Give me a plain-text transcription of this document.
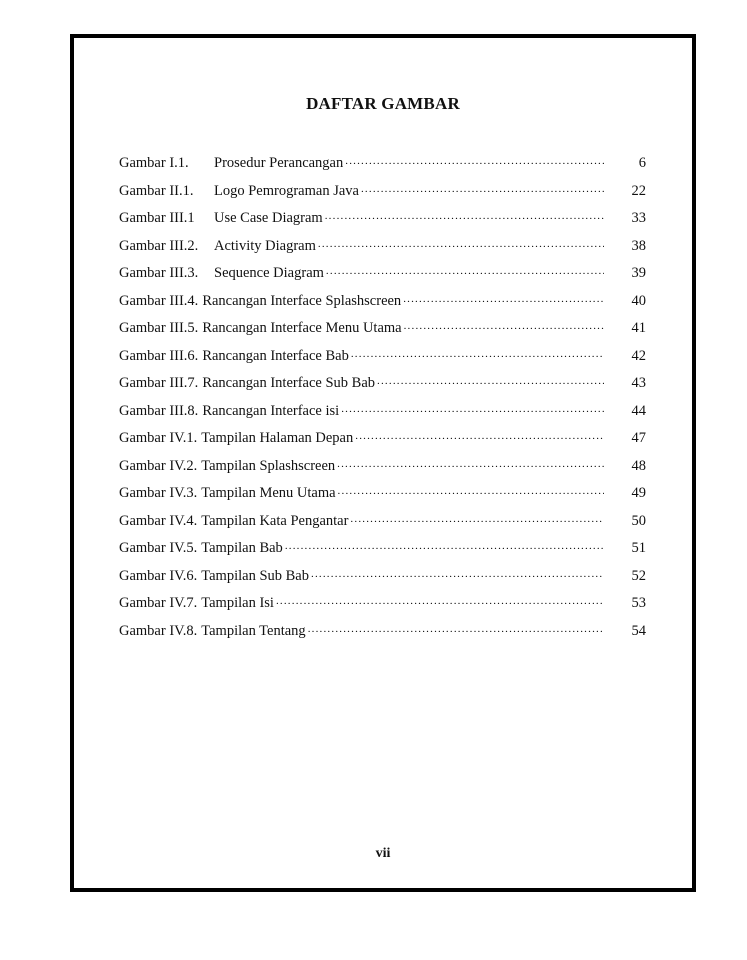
DAFTAR GAMBAR
Gambar I.1.	Prosedur Perancangan .....	6
Gambar II.1.	Logo Pemrograman Java .....	22
Gambar III.1	Use Case Diagram .....	33
Gambar III.2.	Activity Diagram .....	38
Gambar III.3.	Sequence Diagram .....	39
Gambar III.4. Rancangan Interface Splashscreen .....	40
Gambar III.5. Rancangan Interface Menu Utama .....	41
Gambar III.6. Rancangan Interface Bab .....	42
Gambar III.7. Rancangan Interface Sub Bab .....	43
Gambar III.8. Rancangan Interface isi .....	44
Gambar IV.1. Tampilan Halaman Depan .....	47
Gambar IV.2. Tampilan Splashscreen .....	48
Gambar IV.3. Tampilan Menu Utama .....	49
Gambar IV.4. Tampilan Kata Pengantar .....	50
Gambar IV.5. Tampilan Bab .....	51
Gambar IV.6. Tampilan Sub Bab .....	52
Gambar IV.7. Tampilan Isi .....	53
Gambar IV.8. Tampilan Tentang .....	54
vii
